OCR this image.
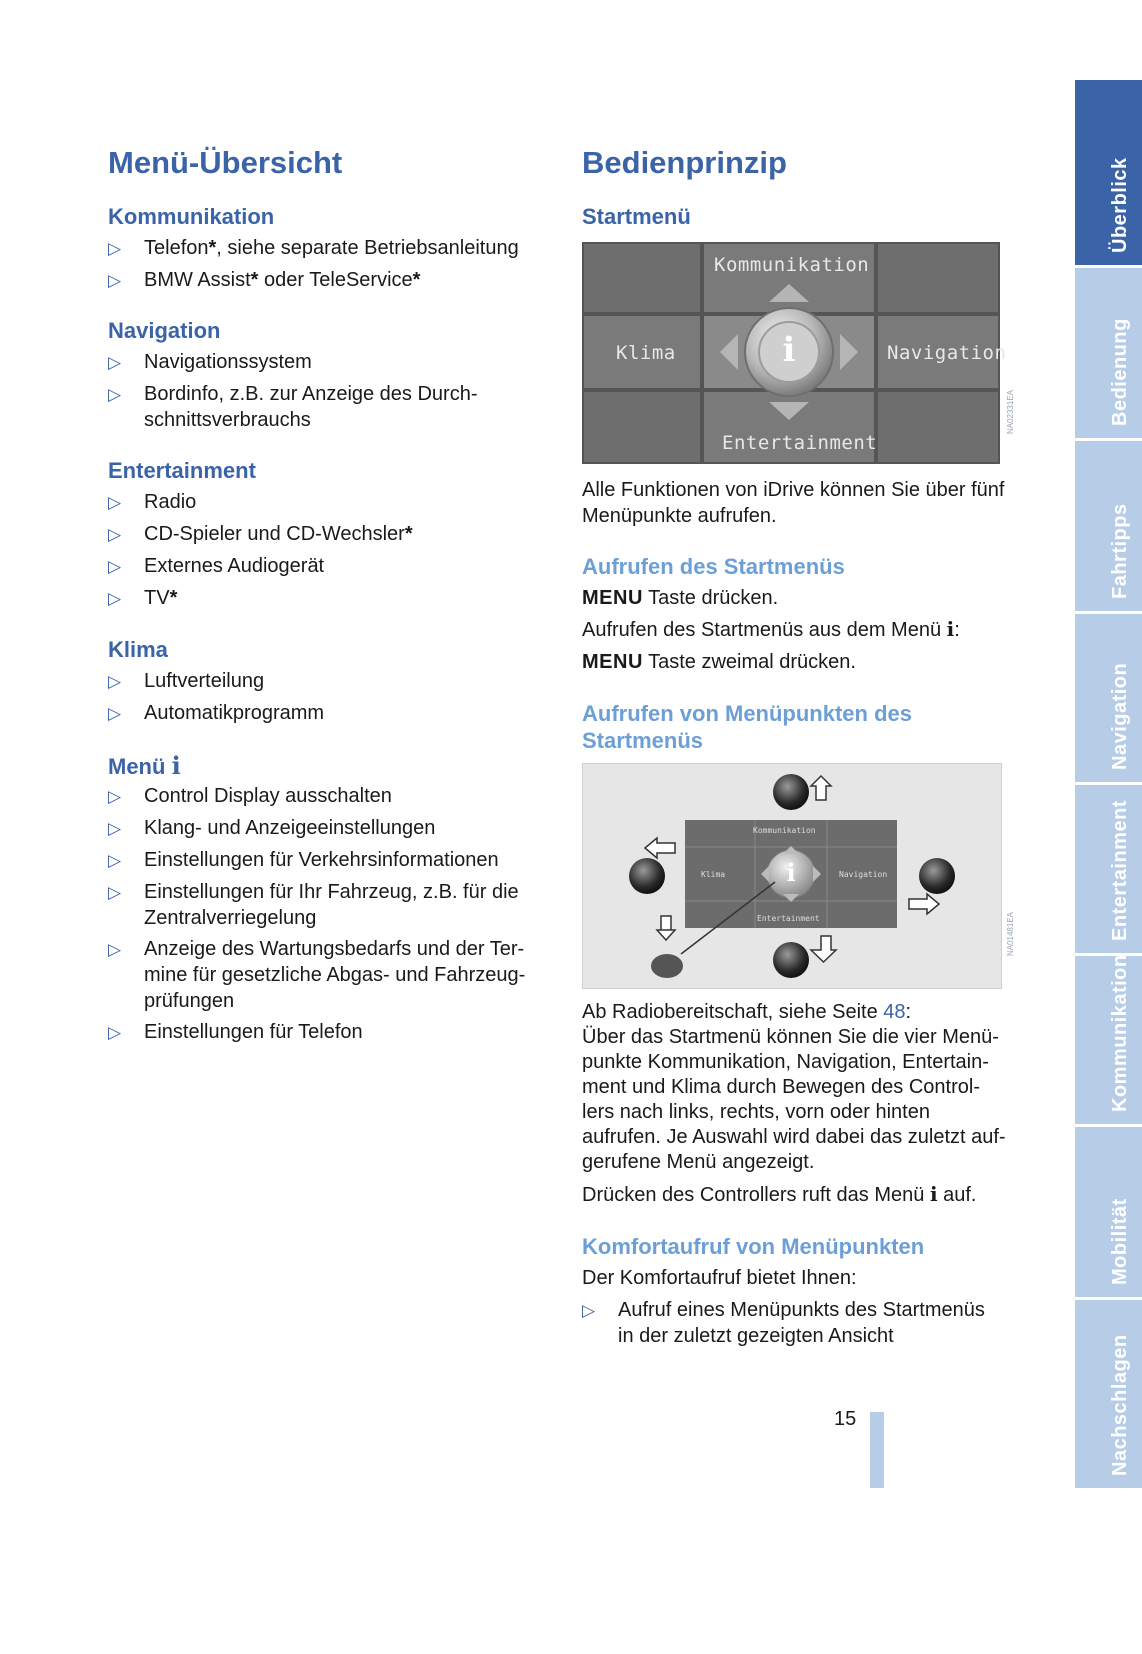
Menü-Übersicht
Kommunikation
▷ Telefon*, siehe separate Betriebsanleitung
▷ BMW Assist* oder TeleService*
Navigation
▷ Navigationssystem
▷ Bordinfo, z.B. zur Anzeige des Durch-
schnittsverbrauchs
Entertainment
▷ Radio
▷ CD-Spieler und CD-Wechsler*
▷ Externes Audiogerät
▷ TV*
Klima
▷ Luftverteilung
▷ Automatikprogramm
Menü i
▷ Control Display ausschalten
▷ Klang- und Anzeigeeinstellungen
▷ Einstellungen für Verkehrsinformationen
▷ Einstellungen für Ihr Fahrzeug, z.B. für die
Zentralverriegelung
▷ Anzeige des Wartungsbedarfs und der Ter-
mine für gesetzliche Abgas- und Fahrzeug-
prüfungen
▷ Einstellungen für Telefon
Bedienprinzip
Startmenü
i
Kommunikation
Klima	Navigation
Entertainment
NA02331EA
Alle Funktionen von iDrive können Sie über fünf
Menüpunkte aufrufen.
Aufrufen des Startmenüs
MENU Taste drücken.
Aufrufen des Startmenüs aus dem Menü i:
MENU Taste zweimal drücken.
Aufrufen von Menüpunkten des
Startmenüs
i
Kommunikation
Klima	Navigation
Entertainment	NA01481EA
Ab Radiobereitschaft, siehe Seite 48:
Über das Startmenü können Sie die vier Menü-
punkte Kommunikation, Navigation, Entertain-
ment und Klima durch Bewegen des Control-
lers nach links, rechts, vorn oder hinten
aufrufen. Je Auswahl wird dabei das zuletzt auf-
gerufene Menü angezeigt.
Drücken des Controllers ruft das Menü i auf.
Komfortaufruf von Menüpunkten
Der Komfortaufruf bietet Ihnen:
▷ Aufruf eines Menüpunkts des Startmenüs
in der zuletzt gezeigten Ansicht
15
Überblick
Bedienung
Fahrtipps
Navigation
Entertainment
Kommunikation
Mobilität
Nachschlagen
